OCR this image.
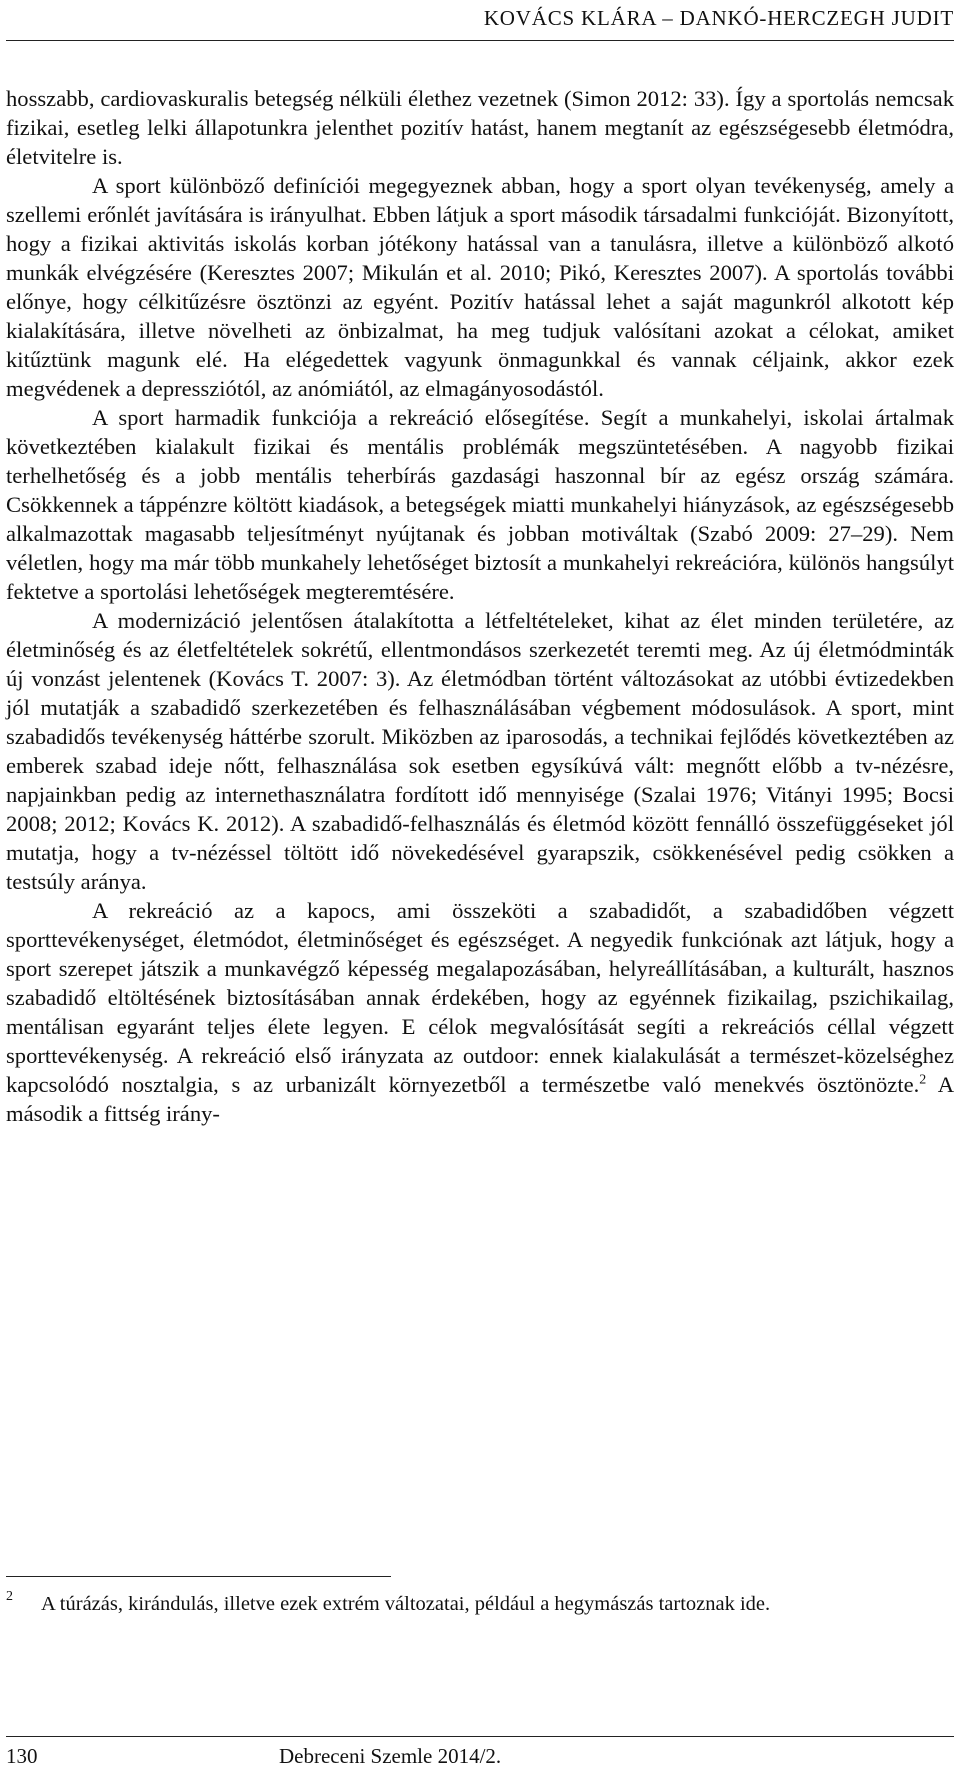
KOVÁCS KLÁRA – DANKÓ-HERCZEGH JUDIT

hosszabb, cardiovaskuralis betegség nélküli élethez vezetnek (Simon 2012: 33). Így a sportolás nemcsak fizikai, esetleg lelki állapotunkra jelenthet pozitív hatást, hanem megtanít az egészségesebb életmódra, életvitelre is.

A sport különböző definíciói megegyeznek abban, hogy a sport olyan tevékenység, amely a szellemi erőnlét javítására is irányulhat. Ebben látjuk a sport második társadalmi funkcióját. Bizonyított, hogy a fizikai aktivitás iskolás korban jótékony hatással van a tanulásra, illetve a különböző alkotó munkák elvégzésére (Keresztes 2007; Mikulán et al. 2010; Pikó, Keresztes 2007). A sportolás további előnye, hogy célkitűzésre ösztönzi az egyént. Pozitív hatással lehet a saját magunkról alkotott kép kialakítására, illetve növelheti az önbizalmat, ha meg tudjuk valósítani azokat a célokat, amiket kitűztünk magunk elé. Ha elégedettek vagyunk önmagunkkal és vannak céljaink, akkor ezek megvédenek a depressziótól, az anómiától, az elmagányosodástól.

A sport harmadik funkciója a rekreáció elősegítése. Segít a munkahelyi, iskolai ártalmak következtében kialakult fizikai és mentális problémák megszüntetésében. A nagyobb fizikai terhelhetőség és a jobb mentális teherbírás gazdasági haszonnal bír az egész ország számára. Csökkennek a táppénzre költött kiadások, a betegségek miatti munkahelyi hiányzások, az egészségesebb alkalmazottak magasabb teljesítményt nyújtanak és jobban motiváltak (Szabó 2009: 27–29). Nem véletlen, hogy ma már több munkahely lehetőséget biztosít a munkahelyi rekreációra, különös hangsúlyt fektetve a sportolási lehetőségek megteremtésére.

A modernizáció jelentősen átalakította a létfeltételeket, kihat az élet minden területére, az életminőség és az életfeltételek sokrétű, ellentmondásos szerkezetét teremti meg. Az új életmódminták új vonzást jelentenek (Kovács T. 2007: 3). Az életmódban történt változásokat az utóbbi évtizedekben jól mutatják a szabadidő szerkezetében és felhasználásában végbement módosulások. A sport, mint szabadidős tevékenység háttérbe szorult. Miközben az iparosodás, a technikai fejlődés következtében az emberek szabad ideje nőtt, felhasználása sok esetben egysíkúvá vált: megnőtt előbb a tv-nézésre, napjainkban pedig az internethasználatra fordított idő mennyisége (Szalai 1976; Vitányi 1995; Bocsi 2008; 2012; Kovács K. 2012). A szabadidő-felhasználás és életmód között fennálló összefüggéseket jól mutatja, hogy a tv-nézéssel töltött idő növekedésével gyarapszik, csökkenésével pedig csökken a testsúly aránya.

A rekreáció az a kapocs, ami összeköti a szabadidőt, a szabadidőben végzett sporttevékenységet, életmódot, életminőséget és egészséget. A negyedik funkciónak azt látjuk, hogy a sport szerepet játszik a munkavégző képesség megalapozásában, helyreállításában, a kulturált, hasznos szabadidő eltöltésének biztosításában annak érdekében, hogy az egyénnek fizikailag, pszichikailag, mentálisan egyaránt teljes élete legyen. E célok megvalósítását segíti a rekreációs céllal végzett sporttevékenység. A rekreáció első irányzata az outdoor: ennek kialakulását a természet-közelséghez kapcsolódó nosztalgia, s az urbanizált környezetből a természetbe való menekvés ösztönözte.$^2$ A második a fittség irány-

2 A túrázás, kirándulás, illetve ezek extrém változatai, például a hegymászás tartoznak ide.
130	Debreceni Szemle 2014/2.
